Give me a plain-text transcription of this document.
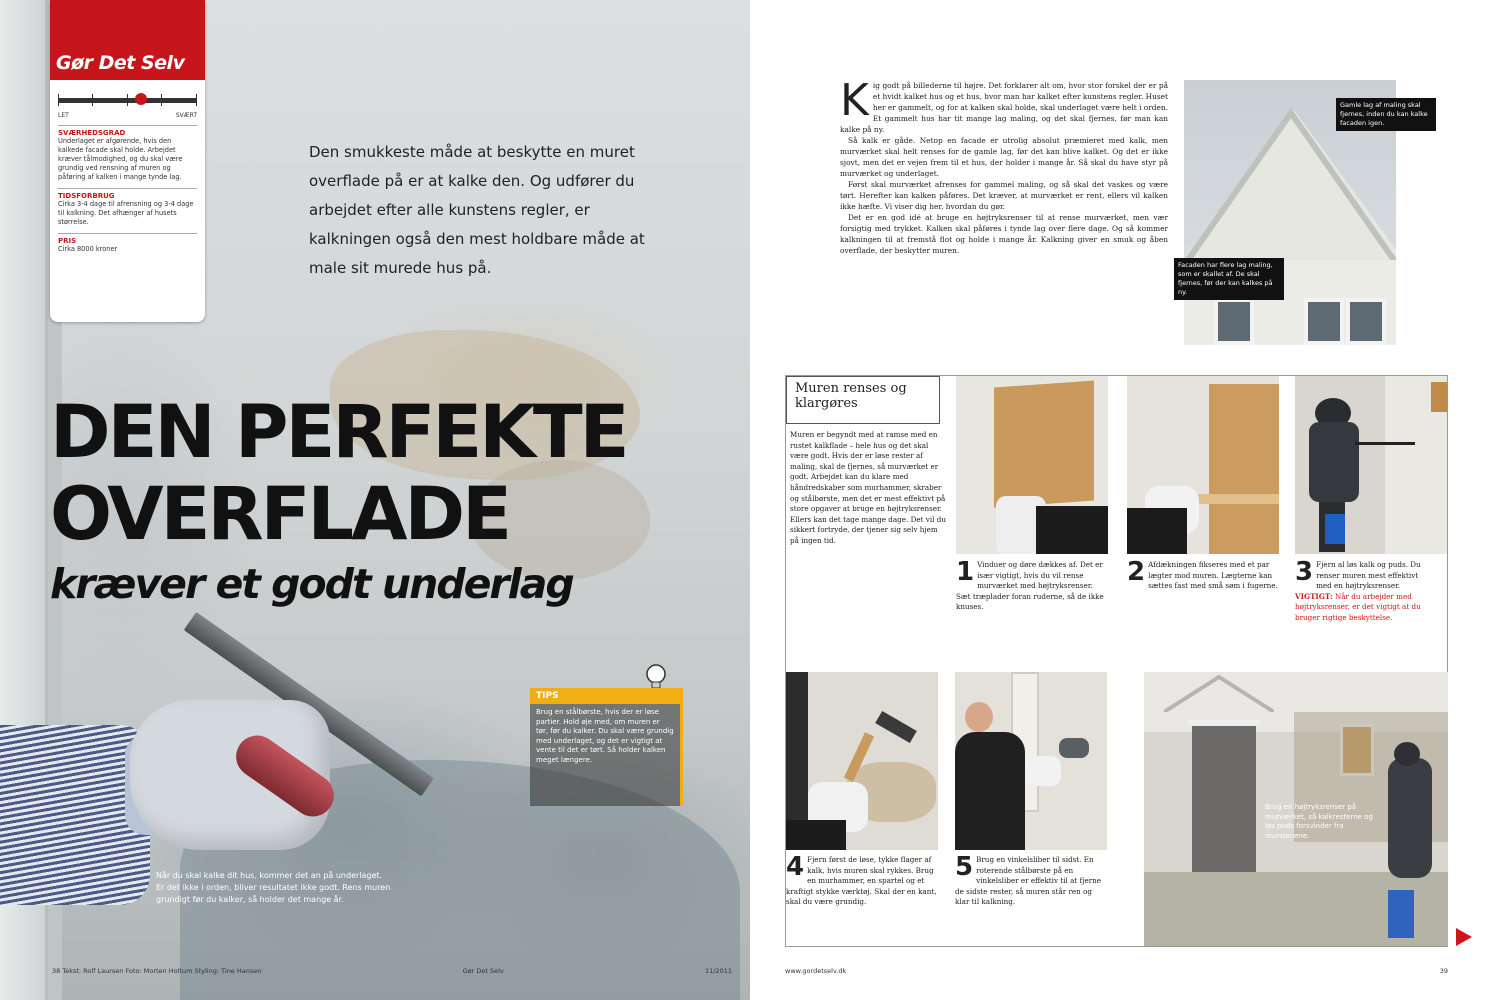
Gør Det Selv
LET	SVÆRT
SVÆRHEDSGRAD
Underlaget er afgørende, hvis den kalkede facade skal holde. Arbejdet kræver tålmodighed, og du skal være grundig ved rensning af muren og påføring af kalken i mange tynde lag.
TIDSFORBRUG
Cirka 3-4 dage til afrensning og 3-4 dage til kalkning. Det afhænger af husets størrelse.
PRIS
Cirka 8000 kroner
Den smukkeste måde at beskytte en muret overflade på er at kalke den. Og udfører du arbejdet efter alle kunstens regler, er kalkningen også den mest holdbare måde at male sit murede hus på.
DEN PERFEKTE
OVERFLADE
kræver et godt underlag
TIPS
Brug en stålbørste, hvis der er løse partier. Hold øje med, om muren er tør, før du kalker. Du skal være grundig med underlaget, og det er vigtigt at vente til det er tørt. Så holder kalken meget længere.
Når du skal kalke dit hus, kommer det an på underlaget. Er det ikke i orden, bliver resultatet ikke godt. Rens muren grundigt før du kalker, så holder det mange år.
38 Tekst: Rolf Laursen Foto: Morten Holtum Styling: Tine Hansen	Gør Det Selv	11/2011
K ig godt på billederne til højre. Det forklarer alt om, hvor stor forskel der er på et hvidt kalket hus og et hus, hvor man har kalket efter kunstens regler. Huset her er gammelt, og for at kalken skal holde, skal underlaget være helt i orden. Et gammelt hus har tit mange lag maling, og det skal fjernes, før man kan kalke på ny.

Så kalk er gåde. Netop en facade er utrolig absolut præmieret med kalk, men murværket skal helt renses for de gamle lag, før det kan blive kalket. Og det er ikke sjovt, men det er vejen frem til et hus, der holder i mange år. Så skal du have styr på murværket og underlaget.

Først skal murværket afrenses for gammel maling, og så skal det vaskes og være tørt. Herefter kan kalken påføres. Det kræver, at murværket er rent, ellers vil kalken ikke hæfte. Vi viser dig her, hvordan du gør.

Det er en god idé at bruge en højtryksrenser til at rense murværket, men vær forsigtig med trykket. Kalken skal påføres i tynde lag over flere dage. Og så kommer kalkningen til at fremstå flot og holde i mange år. Kalkning giver en smuk og åben overflade, der beskytter muren.

Gamle lag af maling skal fjernes, inden du kan kalke facaden igen.
Facaden har flere lag maling, som er skallet af. De skal fjernes, før der kan kalkes på ny.
Muren renses og klargøres
Muren er begyndt med at ramse med en rustet kalkflade – hele hus og det skal være godt. Hvis der er løse rester af maling, skal de fjernes, så murværket er godt. Arbejdet kan du klare med håndredskaber som murhammer, skraber og stålbørste, men det er mest effektivt på store opgaver at bruge en højtryksrenser. Ellers kan det tage mange dage. Det vil du sikkert fortryde, der tjener sig selv hjem på ingen tid.
1 Vinduer og døre dækkes af. Det er især vigtigt, hvis du vil rense murværket med højtryksrenser. Sæt træplader foran ruderne, så de ikke knuses.
2 Afdækningen fikseres med et par lægter mod muren. Lægterne kan sættes fast med små søm i fugerne. 3 Fjern al løs kalk og puds. Du renser muren mest effektivt med en højtryksrenser. VIGTIGT: Når du arbejder med højtryksrenser, er det vigtigt at du bruger rigtige beskyttelse.
Brug en højtryksrenser på murværket, så kalkresterne og løs puds forsvinder fra murstenene.
4 Fjern først de løse, tykke flager af kalk, hvis muren skal rykkes. Brug en murhammer, en spartel og et kraftigt stykke værktøj. Skal der en kant, skal du være grundig.
5 Brug en vinkelsliber til sidst. En roterende stålbørste på en vinkelsliber er effektiv til at fjerne de sidste rester, så muren står ren og klar til kalkning.
www.gordetselv.dk	39
